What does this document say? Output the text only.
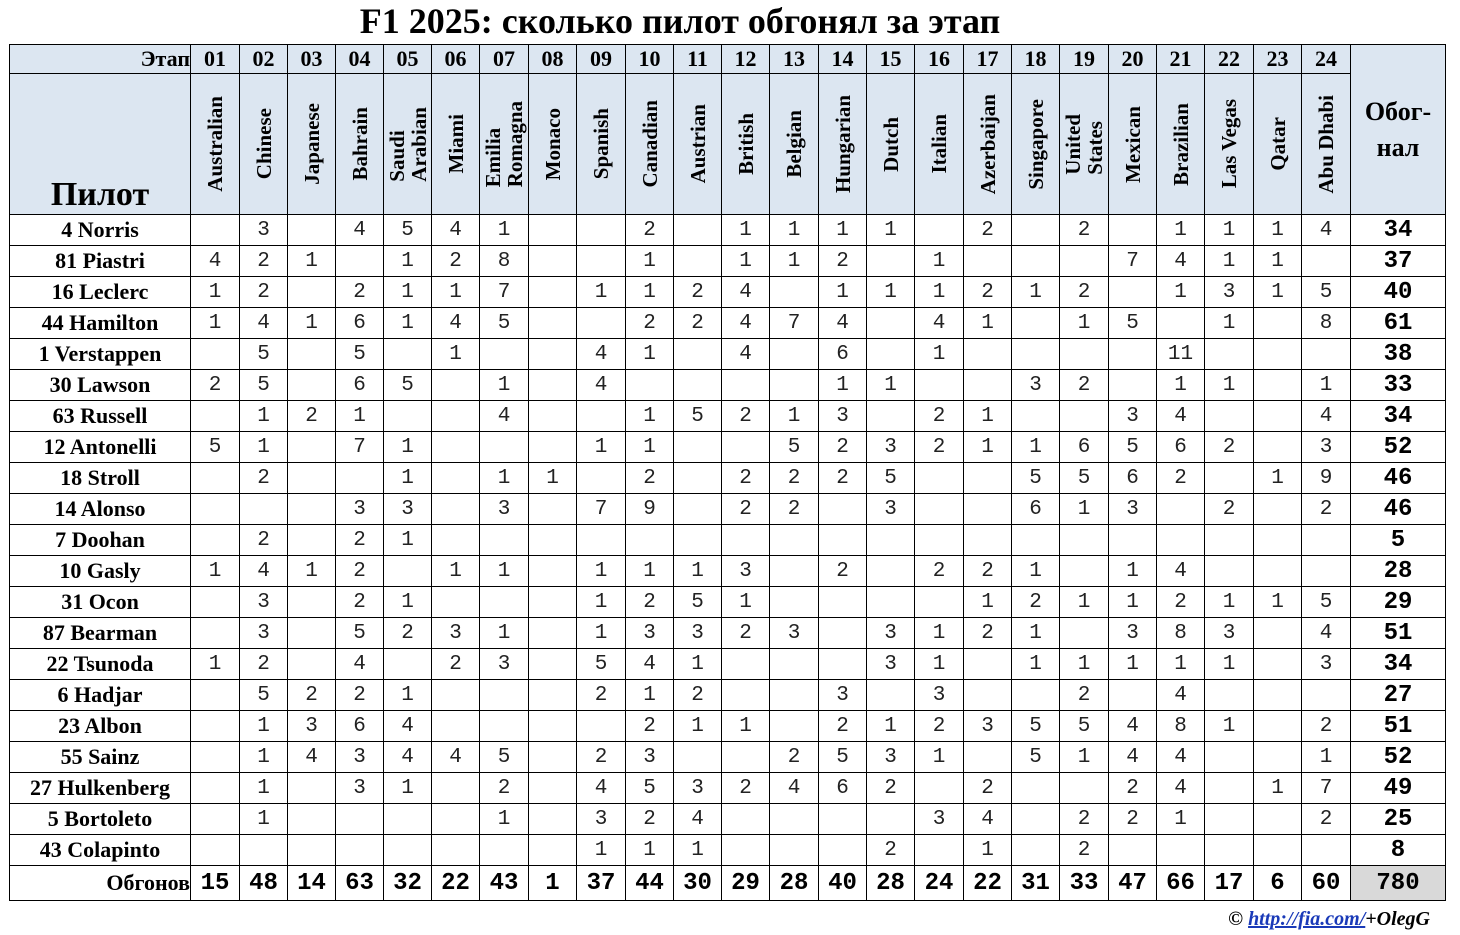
F1 2025: сколько пилот обгонял за этап
Этап	01	02	03	04	05	06	07	08	09	10	11	12	13	14	15	16	17	18	19	20	21	22	23	24	Обог-
нал
Пилот	Australian	Chinese	Japanese	Bahrain	Saudi
Arabian	Miami	Emilia
Romagna	Monaco	Spanish	Canadian	Austrian	British	Belgian	Hungarian	Dutch	Italian	Azerbaijan	Singapore	United
States	Mexican	Brazilian	Las Vegas	Qatar	Abu Dhabi	

4 Norris		3		4	5	4	1			2		1	1	1	1		2		2		1	1	1	4	34
81 Piastri	4	2	1		1	2	8			1		1	1	2		1				7	4	1	1		37
16 Leclerc	1	2		2	1	1	7		1	1	2	4		1	1	1	2	1	2		1	3	1	5	40
44 Hamilton	1	4	1	6	1	4	5			2	2	4	7	4		4	1		1	5		1		8	61
1 Verstappen		5		5		1			4	1		4		6		1					11				38
30 Lawson	2	5		6	5		1		4					1	1			3	2		1	1		1	33
63 Russell		1	2	1			4			1	5	2	1	3		2	1			3	4			4	34
12 Antonelli	5	1		7	1				1	1			5	2	3	2	1	1	6	5	6	2		3	52
18 Stroll		2			1		1	1		2		2	2	2	5			5	5	6	2		1	9	46
14 Alonso				3	3		3		7	9		2	2		3			6	1	3		2		2	46
7 Doohan		2		2	1																				5
10 Gasly	1	4	1	2		1	1		1	1	1	3		2		2	2	1		1	4				28
31 Ocon		3		2	1				1	2	5	1					1	2	1	1	2	1	1	5	29
87 Bearman		3		5	2	3	1		1	3	3	2	3		3	1	2	1		3	8	3		4	51
22 Tsunoda	1	2		4		2	3		5	4	1				3	1		1	1	1	1	1		3	34
6 Hadjar		5	2	2	1				2	1	2			3		3			2		4				27
23 Albon		1	3	6	4					2	1	1		2	1	2	3	5	5	4	8	1		2	51
55 Sainz		1	4	3	4	4	5		2	3			2	5	3	1		5	1	4	4			1	52
27 Hulkenberg		1		3	1		2		4	5	3	2	4	6	2		2			2	4		1	7	49
5 Bortoleto		1					1		3	2	4					3	4		2	2	1			2	25
43 Colapinto									1	1	1				2		1		2						8
Обгонов	15	48	14	63	32	22	43	1	37	44	30	29	28	40	28	24	22	31	33	47	66	17	6	60	780
© http://fia.com/+OlegG
